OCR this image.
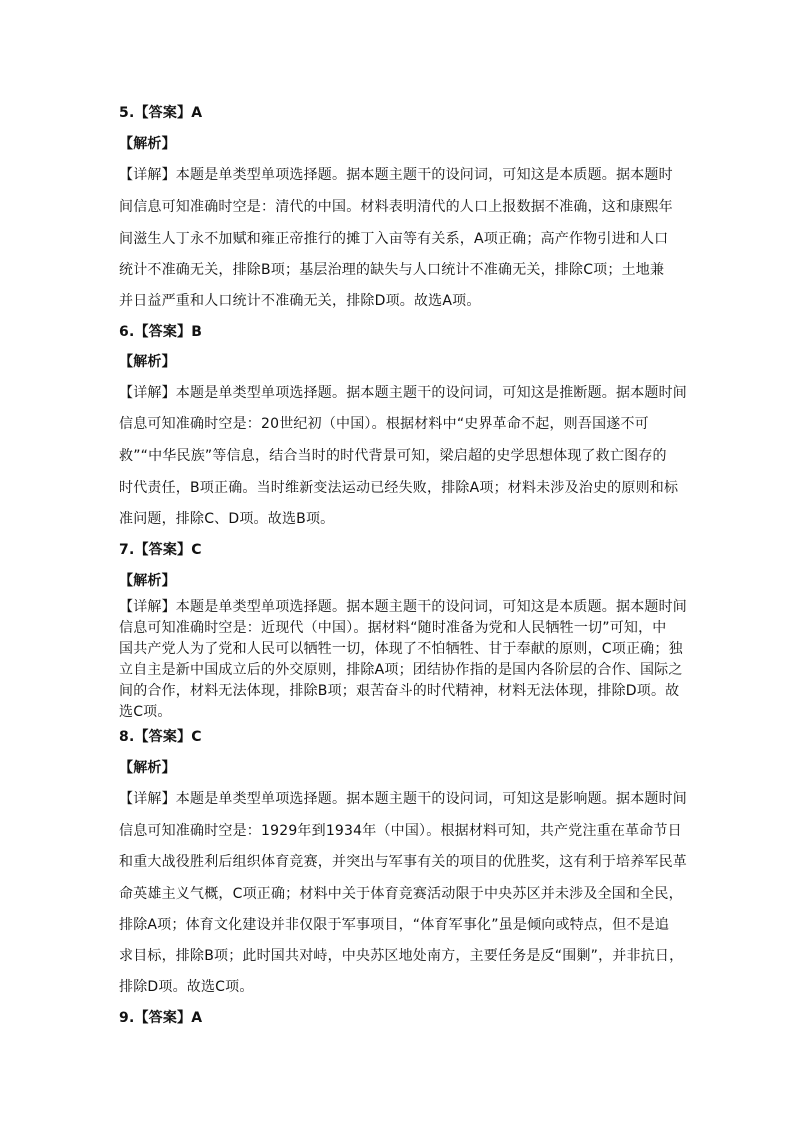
5.【答案】A
【解析】
【详解】本题是单类型单项选择题。据本题主题干的设问词，可知这是本质题。据本题时
间信息可知准确时空是：清代的中国。材料表明清代的人口上报数据不准确，这和康熙年
间滋生人丁永不加赋和雍正帝推行的摊丁入亩等有关系，A项正确；高产作物引进和人口
统计不准确无关，排除B项；基层治理的缺失与人口统计不准确无关，排除C项；土地兼
并日益严重和人口统计不准确无关，排除D项。故选A项。
6.【答案】B
【解析】
【详解】本题是单类型单项选择题。据本题主题干的设问词，可知这是推断题。据本题时间
信息可知准确时空是：20世纪初（中国）。根据材料中“史界革命不起，则吾国遂不可
救”“中华民族”等信息，结合当时的时代背景可知，梁启超的史学思想体现了救亡图存的
时代责任，B项正确。当时维新变法运动已经失败，排除A项；材料未涉及治史的原则和标
准问题，排除C、D项。故选B项。
7.【答案】C
【解析】
【详解】本题是单类型单项选择题。据本题主题干的设问词，可知这是本质题。据本题时间
信息可知准确时空是：近现代（中国）。据材料“随时准备为党和人民牺牲一切”可知，中
国共产党人为了党和人民可以牺牲一切，体现了不怕牺牲、甘于奉献的原则，C项正确；独
立自主是新中国成立后的外交原则，排除A项；团结协作指的是国内各阶层的合作、国际之
间的合作，材料无法体现，排除B项；艰苦奋斗的时代精神，材料无法体现，排除D项。故
选C项。
8.【答案】C
【解析】
【详解】本题是单类型单项选择题。据本题主题干的设问词，可知这是影响题。据本题时间
信息可知准确时空是：1929年到1934年（中国）。根据材料可知，共产党注重在革命节日
和重大战役胜利后组织体育竞赛，并突出与军事有关的项目的优胜奖，这有利于培养军民革
命英雄主义气概，C项正确；材料中关于体育竞赛活动限于中央苏区并未涉及全国和全民，
排除A项；体育文化建设并非仅限于军事项目，“体育军事化”虽是倾向或特点，但不是追
求目标，排除B项；此时国共对峙，中央苏区地处南方，主要任务是反“围剿”，并非抗日，
排除D项。故选C项。
9.【答案】A
